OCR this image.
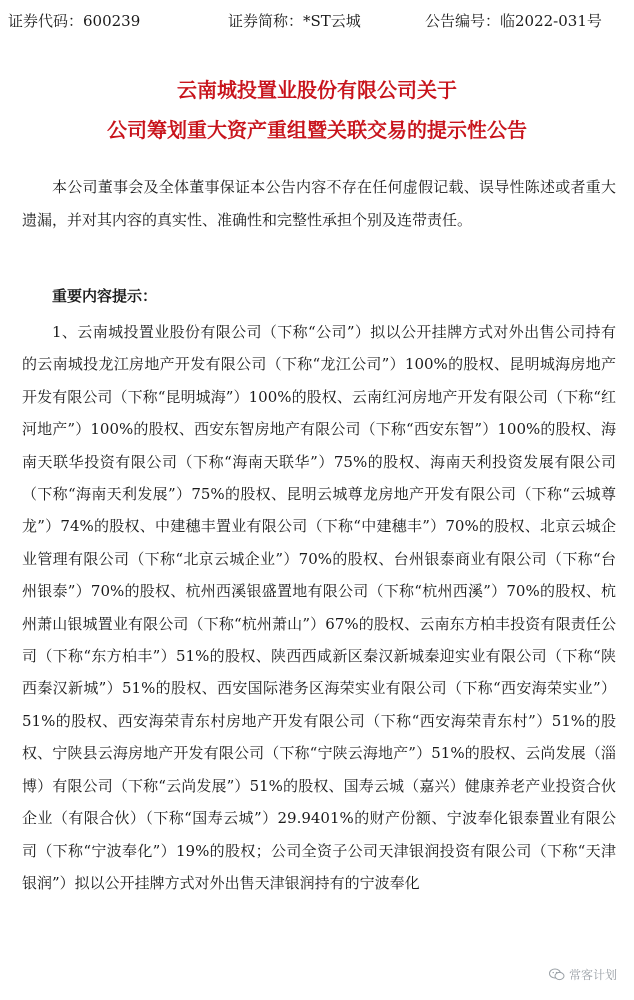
证券代码：600239	证券简称：*ST云城	公告编号：临2022-031号
云南城投置业股份有限公司关于
公司筹划重大资产重组暨关联交易的提示性公告
本公司董事会及全体董事保证本公告内容不存在任何虚假记载、误导性陈述或者重大遗漏，并对其内容的真实性、准确性和完整性承担个别及连带责任。
重要内容提示：
1、云南城投置业股份有限公司（下称“公司”）拟以公开挂牌方式对外出售公司持有的云南城投龙江房地产开发有限公司（下称“龙江公司”）100%的股权、昆明城海房地产开发有限公司（下称“昆明城海”）100%的股权、云南红河房地产开发有限公司（下称“红河地产”）100%的股权、西安东智房地产有限公司（下称“西安东智”）100%的股权、海南天联华投资有限公司（下称“海南天联华”）75%的股权、海南天利投资发展有限公司（下称“海南天利发展”）75%的股权、昆明云城尊龙房地产开发有限公司（下称“云城尊龙”）74%的股权、中建穗丰置业有限公司（下称“中建穗丰”）70%的股权、北京云城企业管理有限公司（下称“北京云城企业”）70%的股权、台州银泰商业有限公司（下称“台州银泰”）70%的股权、杭州西溪银盛置地有限公司（下称“杭州西溪”）70%的股权、杭州萧山银城置业有限公司（下称“杭州萧山”）67%的股权、云南东方柏丰投资有限责任公司（下称“东方柏丰”）51%的股权、陕西西咸新区秦汉新城秦迎实业有限公司（下称“陕西秦汉新城”）51%的股权、西安国际港务区海荣实业有限公司（下称“西安海荣实业”）51%的股权、西安海荣青东村房地产开发有限公司（下称“西安海荣青东村”）51%的股权、宁陕县云海房地产开发有限公司（下称“宁陕云海地产”）51%的股权、云尚发展（淄博）有限公司（下称“云尚发展”）51%的股权、国寿云城（嘉兴）健康养老产业投资合伙企业（有限合伙）（下称“国寿云城”）29.9401%的财产份额、宁波奉化银泰置业有限公司（下称“宁波奉化”）19%的股权；公司全资子公司天津银润投资有限公司（下称“天津银润”）拟以公开挂牌方式对外出售天津银润持有的宁波奉化
常客计划
